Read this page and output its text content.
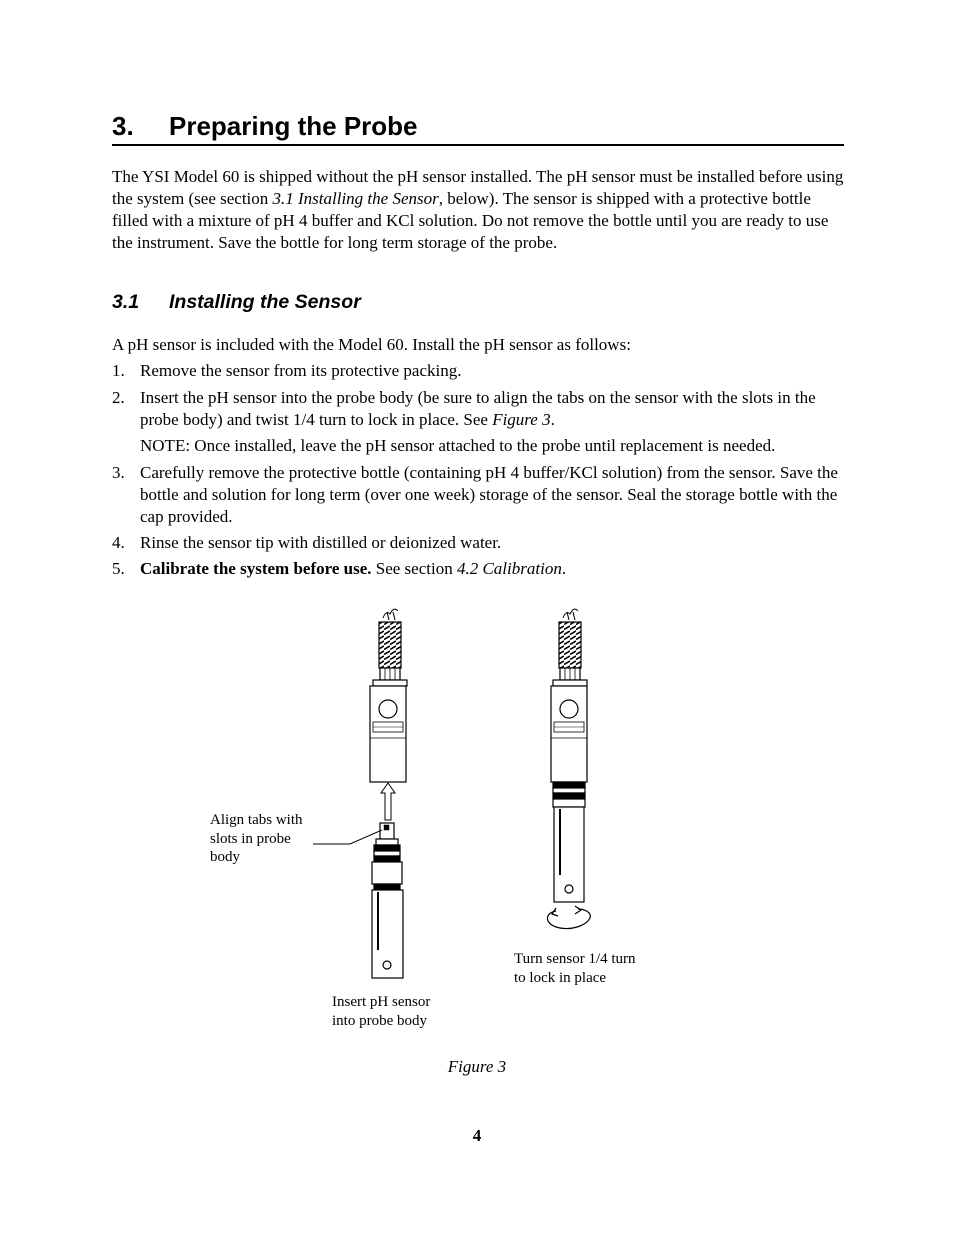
3. Preparing the Probe
The YSI Model 60 is shipped without the pH sensor installed. The pH sensor must be installed before using the system (see section 3.1 Installing the Sensor, below). The sensor is shipped with a protective bottle filled with a mixture of pH 4 buffer and KCl solution. Do not remove the bottle until you are ready to use the instrument. Save the bottle for long term storage of the probe.
3.1 Installing the Sensor
A pH sensor is included with the Model 60. Install the pH sensor as follows:
1. Remove the sensor from its protective packing.
2. Insert the pH sensor into the probe body (be sure to align the tabs on the sensor with the slots in the probe body) and twist 1/4 turn to lock in place. See Figure 3.
NOTE: Once installed, leave the pH sensor attached to the probe until replacement is needed.
3. Carefully remove the protective bottle (containing pH 4 buffer/KCl solution) from the sensor. Save the bottle and solution for long term (over one week) storage of the sensor. Seal the storage bottle with the cap provided.
4. Rinse the sensor tip with distilled or deionized water.
5. Calibrate the system before use. See section 4.2 Calibration.
Align tabs with
slots in probe
body
Insert pH sensor
into probe body
Turn sensor 1/4 turn
to lock in place
Figure 3
4
